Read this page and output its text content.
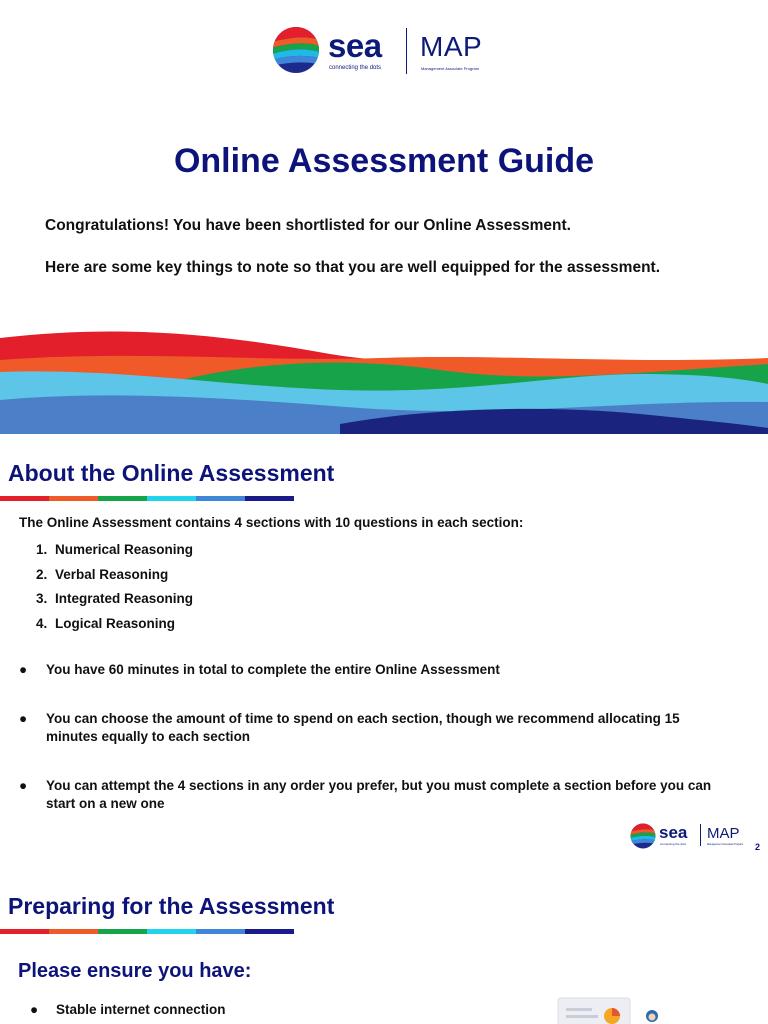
sea
connecting the dots
MAP
Management Associate Program
Online Assessment Guide

Congratulations! You have been shortlisted for our Online Assessment.

Here are some key things to note so that you are well equipped for the assessment.

About the Online Assessment

The Online Assessment contains 4 sections with 10 questions in each section:

1. Numerical Reasoning
2. Verbal Reasoning
3. Integrated Reasoning
4. Logical Reasoning
● You have 60 minutes in total to complete the entire Online Assessment
● You can choose the amount of time to spend on each section, though we recommend allocating 15 minutes equally to each section
● You can attempt the 4 sections in any order you prefer, but you must complete a section before you can start on a new one
sea
connecting the dots
MAP
Management Associate Program 2
Preparing for the Assessment
Please ensure you have:
● Stable internet connection
